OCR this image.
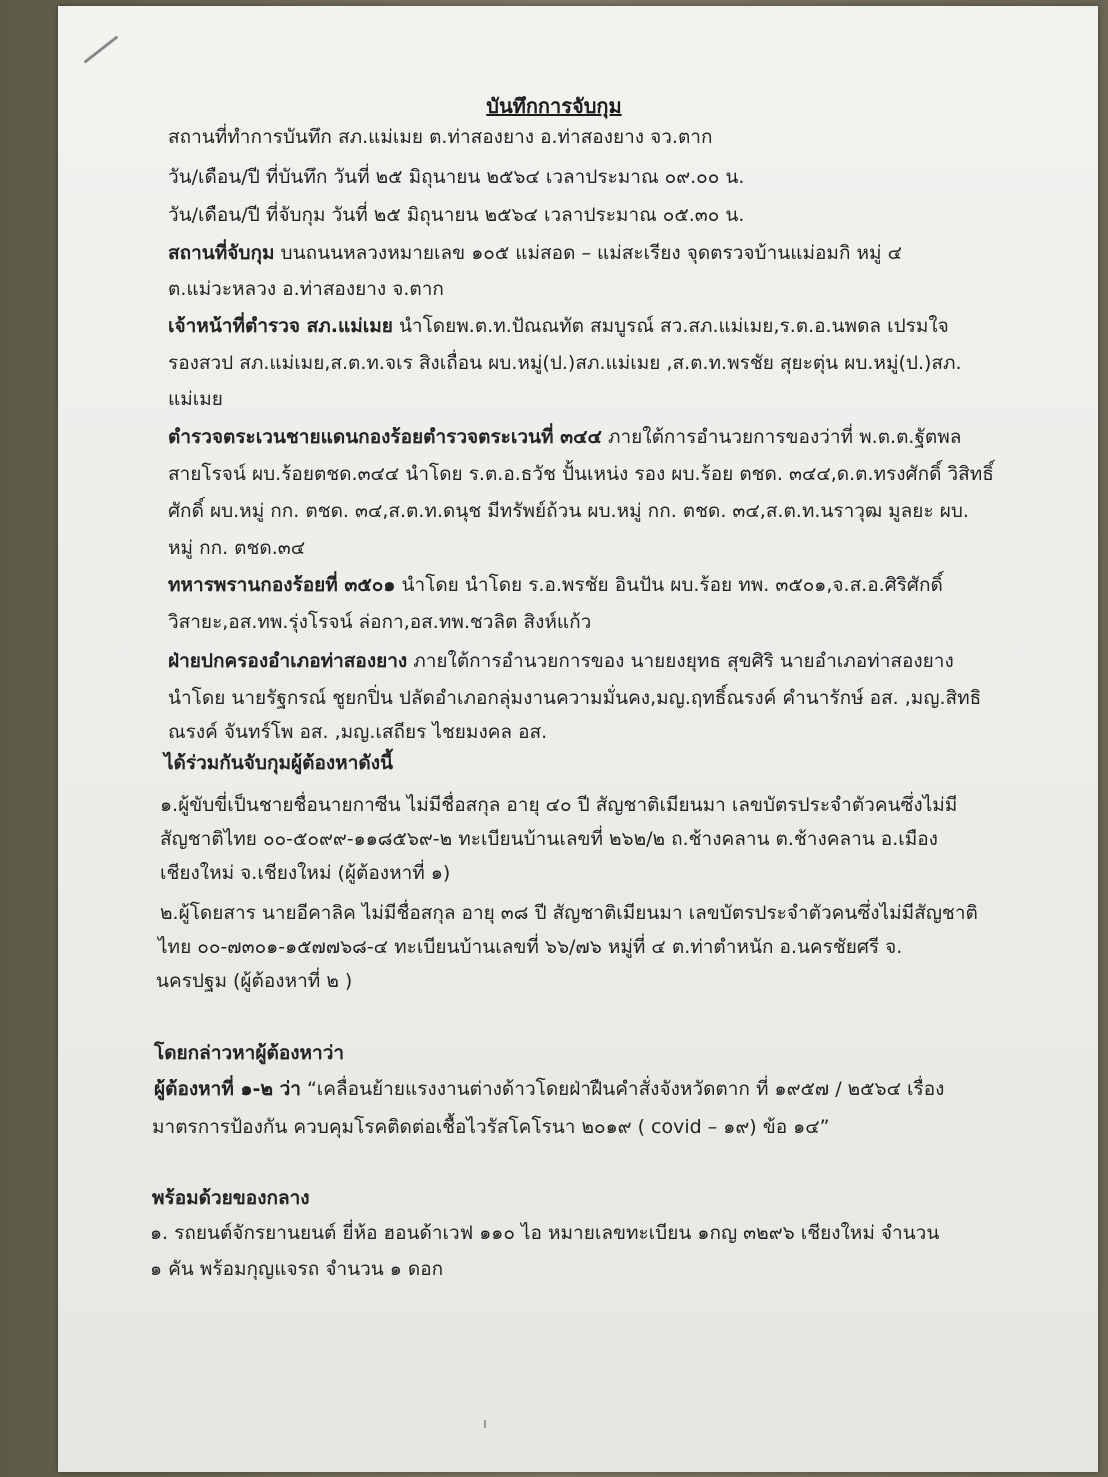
บันทึกการจับกุม

สถานที่ทำการบันทึก สภ.แม่เมย ต.ท่าสองยาง อ.ท่าสองยาง จว.ตาก

วัน/เดือน/ปี ที่บันทึก วันที่ ๒๕ มิถุนายน ๒๕๖๔ เวลาประมาณ ๐๙.๐๐ น.

วัน/เดือน/ปี ที่จับกุม วันที่ ๒๕ มิถุนายน ๒๕๖๔ เวลาประมาณ ๐๕.๓๐ น.

สถานที่จับกุม บนถนนหลวงหมายเลข ๑๐๕ แม่สอด – แม่สะเรียง จุดตรวจบ้านแม่อมกิ หมู่ ๔

ต.แม่วะหลวง อ.ท่าสองยาง จ.ตาก

เจ้าหน้าที่ตำรวจ สภ.แม่เมย นำโดยพ.ต.ท.ปัณณทัต สมบูรณ์ สว.สภ.แม่เมย,ร.ต.อ.นพดล เปรมใจ

รองสวป สภ.แม่เมย,ส.ต.ท.จเร สิงเถื่อน ผบ.หมู่(ป.)สภ.แม่เมย ,ส.ต.ท.พรชัย สุยะตุ่น ผบ.หมู่(ป.)สภ.

แม่เมย

ตำรวจตระเวนชายแดนกองร้อยตำรวจตระเวนที่ ๓๔๔ ภายใต้การอำนวยการของว่าที่ พ.ต.ต.ฐัตพล

สายโรจน์ ผบ.ร้อยตชด.๓๔๔ นำโดย ร.ต.อ.ธวัช ปั้นเหน่ง รอง ผบ.ร้อย ตชด. ๓๔๔,ด.ต.ทรงศักดิ์ วิสิทธิ์

ศักดิ์ ผบ.หมู่ กก. ตชด. ๓๔,ส.ต.ท.ดนุช มีทรัพย์ถ้วน ผบ.หมู่ กก. ตชด. ๓๔,ส.ต.ท.นราวุฒ มูลยะ ผบ.

หมู่ กก. ตชด.๓๔

ทหารพรานกองร้อยที่ ๓๕๐๑ นำโดย นำโดย ร.อ.พรชัย อินปัน ผบ.ร้อย ทพ. ๓๕๐๑,จ.ส.อ.ศิริศักดิ์

วิสายะ,อส.ทพ.รุ่งโรจน์ ล่อกา,อส.ทพ.ชวลิต สิงห์แก้ว

ฝ่ายปกครองอำเภอท่าสองยาง ภายใต้การอำนวยการของ นายยงยุทธ สุขศิริ นายอำเภอท่าสองยาง

นำโดย นายรัฐกรณ์ ชูยกปิ่น ปลัดอำเภอกลุ่มงานความมั่นคง,มญ.ฤทธิ์ณรงค์ คำนารักษ์ อส. ,มญ.สิทธิ

ณรงค์ จันทร์โพ อส. ,มญ.เสถียร ไชยมงคล อส.

ได้ร่วมกันจับกุมผู้ต้องหาดังนี้

๑.ผู้ขับขี่เป็นชายชื่อนายกาซีน ไม่มีชื่อสกุล อายุ ๔๐ ปี สัญชาติเมียนมา เลขบัตรประจำตัวคนซึ่งไม่มี

สัญชาติไทย ๐๐-๕๐๙๙-๑๑๘๕๖๙-๒ ทะเบียนบ้านเลขที่ ๒๖๒/๒ ถ.ช้างคลาน ต.ช้างคลาน อ.เมือง

เชียงใหม่ จ.เชียงใหม่ (ผู้ต้องหาที่ ๑)

๒.ผู้โดยสาร นายอีคาลิค ไม่มีชื่อสกุล อายุ ๓๘ ปี สัญชาติเมียนมา เลขบัตรประจำตัวคนซึ่งไม่มีสัญชาติ

ไทย ๐๐-๗๓๐๑-๑๕๗๗๖๘-๔ ทะเบียนบ้านเลขที่ ๖๖/๗๖ หมู่ที่ ๔ ต.ท่าตำหนัก อ.นครชัยศรี จ.

นครปฐม (ผู้ต้องหาที่ ๒ )

โดยกล่าวหาผู้ต้องหาว่า

ผู้ต้องหาที่ ๑-๒ ว่า “เคลื่อนย้ายแรงงานต่างด้าวโดยฝ่าฝืนคำสั่งจังหวัดตาก ที่ ๑๙๕๗ / ๒๕๖๔ เรื่อง

มาตรการป้องกัน ควบคุมโรคติดต่อเชื้อไวรัสโคโรนา ๒๐๑๙ ( covid – ๑๙) ข้อ ๑๔”

พร้อมด้วยของกลาง

๑. รถยนต์จักรยานยนต์ ยี่ห้อ ฮอนด้าเวฟ ๑๑๐ ไอ หมายเลขทะเบียน ๑กญ ๓๒๙๖ เชียงใหม่ จำนวน

๑ คัน พร้อมกุญแจรถ จำนวน ๑ ดอก
